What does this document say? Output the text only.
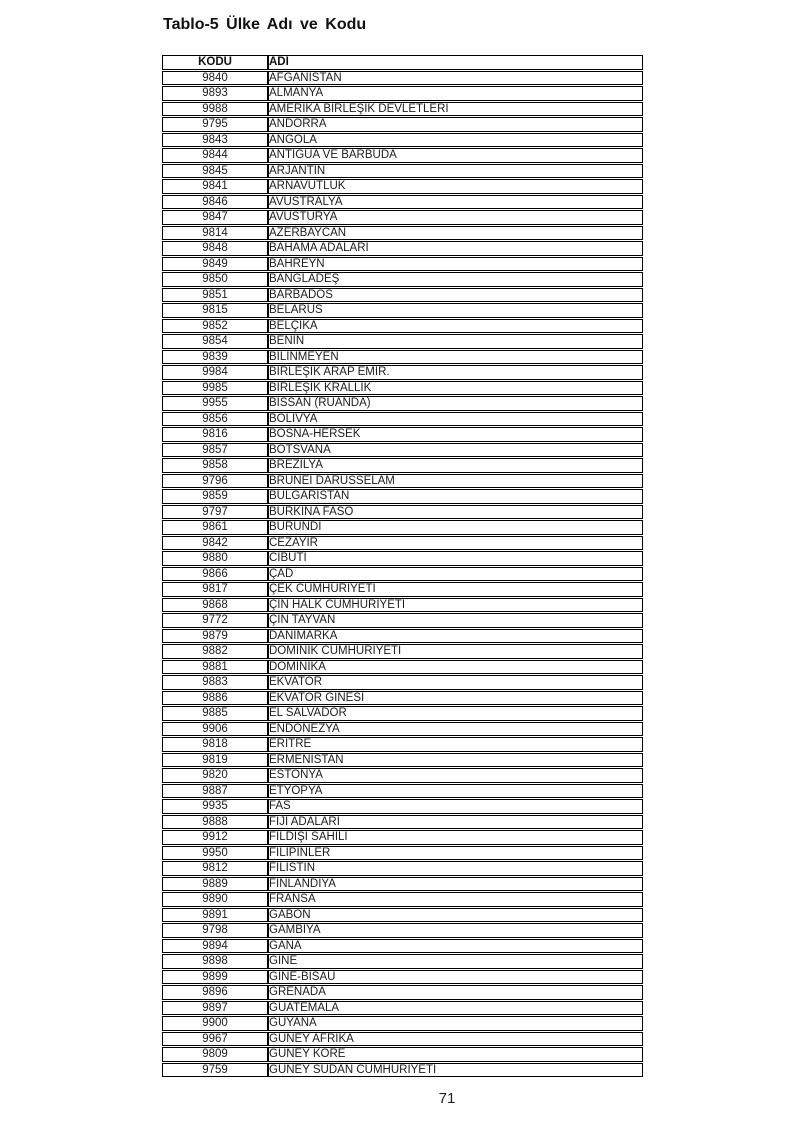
Tablo-5 Ülke Adı ve Kodu
KODU	ADI
9840	AFGANİSTAN
9893	ALMANYA
9988	AMERİKA BİRLEŞİK DEVLETLERİ
9795	ANDORRA
9843	ANGOLA
9844	ANTİGUA VE BARBUDA
9845	ARJANTİN
9841	ARNAVUTLUK
9846	AVUSTRALYA
9847	AVUSTURYA
9814	AZERBAYCAN
9848	BAHAMA ADALARI
9849	BAHREYN
9850	BANGLADEŞ
9851	BARBADOS
9815	BELARUS
9852	BELÇİKA
9854	BENİN
9839	BİLİNMEYEN
9984	BİRLEŞİK ARAP EMİR.
9985	BİRLEŞİK KRALLIK
9955	BİSSAN (RUANDA)
9856	BOLİVYA
9816	BOSNA-HERSEK
9857	BOTSVANA
9858	BREZİLYA
9796	BRUNEİ DARÜSSELAM
9859	BULGARİSTAN
9797	BURKİNA FASO
9861	BURUNDİ
9842	CEZAYİR
9880	CİBUTİ
9866	ÇAD
9817	ÇEK CUMHURİYETİ
9868	ÇİN HALK CUMHURİYETİ
9772	ÇİN TAYVAN
9879	DANİMARKA
9882	DOMİNİK CUMHURİYETİ
9881	DOMİNİKA
9883	EKVATOR
9886	EKVATOR GİNESİ
9885	EL SALVADOR
9906	ENDONEZYA
9818	ERITRE
9819	ERMENİSTAN
9820	ESTONYA
9887	ETYOPYA
9935	FAS
9888	FİJİ ADALARI
9912	FİLDİŞİ SAHİLİ
9950	FİLİPİNLER
9812	FİLİSTİN
9889	FİNLANDİYA
9890	FRANSA
9891	GABON
9798	GAMBİYA
9894	GANA
9898	GİNE
9899	GİNE-BİSAU
9896	GRENADA
9897	GUATEMALA
9900	GUYANA
9967	GÜNEY AFRİKA
9809	GÜNEY KORE
9759	GÜNEY SUDAN CUMHURİYETİ
71
